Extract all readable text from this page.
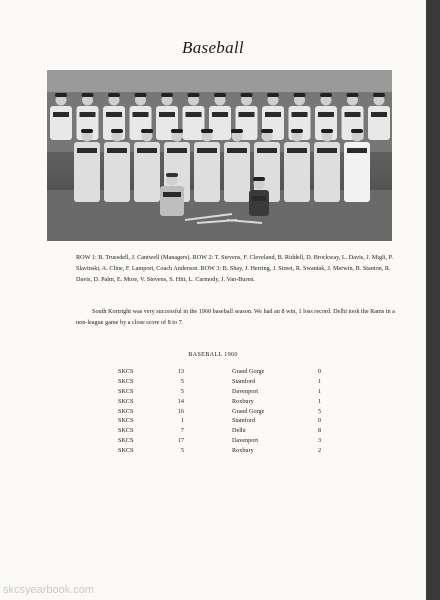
Baseball
ROW 1: B. Truesdell, J. Cantwell (Managers). ROW 2: T. Stevens, F. Cleveland, B. Riddell, D. Brockway, L. Davis, J. Migli, P. Slavinski, A. Cline, F. Lamport, Coach Anderson. ROW 3: B. Shay, J. Herring, J. Street, R. Swantak, J. Merwin, B. Stanton, R. Davis, D. Palm, E. More, V. Stevens, S. Hitt, L. Carmody, J. Van-Buren.
South Kortright was very successful in the 1960 baseball season. We had an 8 win, 1 loss record. Delhi took the Rams in a non-league game by a close score of 8 to 7.
BASEBALL 1960
SKCS	13	Grand Gorge	0
SKCS	5	Stamford	1
SKCS	5	Davenport	1
SKCS	14	Roxbury	1
SKCS	16	Grand Gorge	5
SKCS	1	Stamford	0
SKCS	7	Delhi	8
SKCS	17	Davenport	3
SKCS	5	Roxbury	2
skcsyearbook.com
